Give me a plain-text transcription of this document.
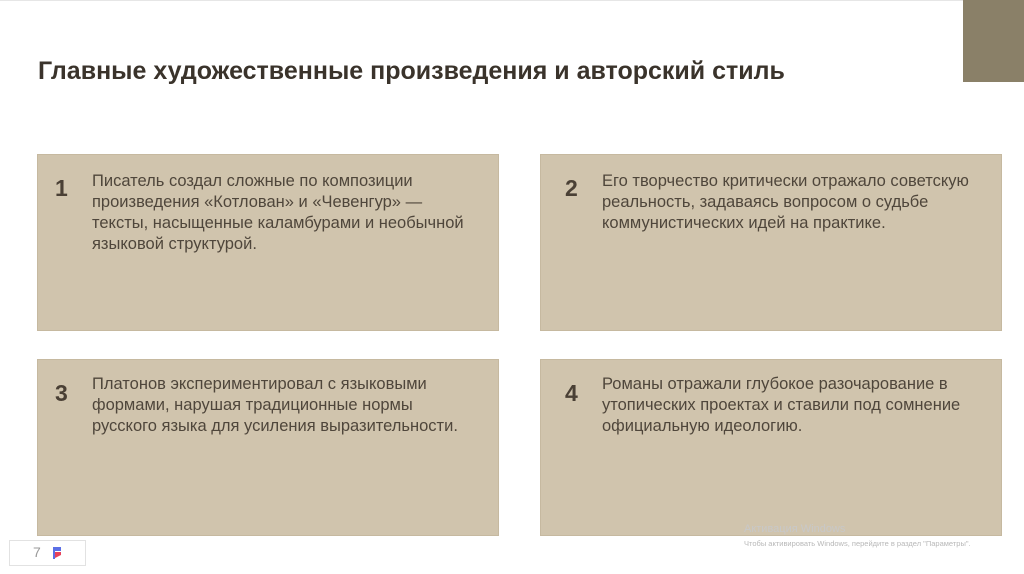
Главные художественные произведения и авторский стиль
1 Писатель создал сложные по композиции произведения «Котлован» и «Чевенгур» — тексты, насыщенные каламбурами и необычной языковой структурой.
2 Его творчество критически отражало советскую реальность, задаваясь вопросом о судьбе коммунистических идей на практике.
3 Платонов экспериментировал с языковыми формами, нарушая традиционные нормы русского языка для усиления выразительности.
4 Романы отражали глубокое разочарование в утопических проектах и ставили под сомнение официальную идеологию.
Активация Windows
Чтобы активировать Windows, перейдите в раздел "Параметры".
7
